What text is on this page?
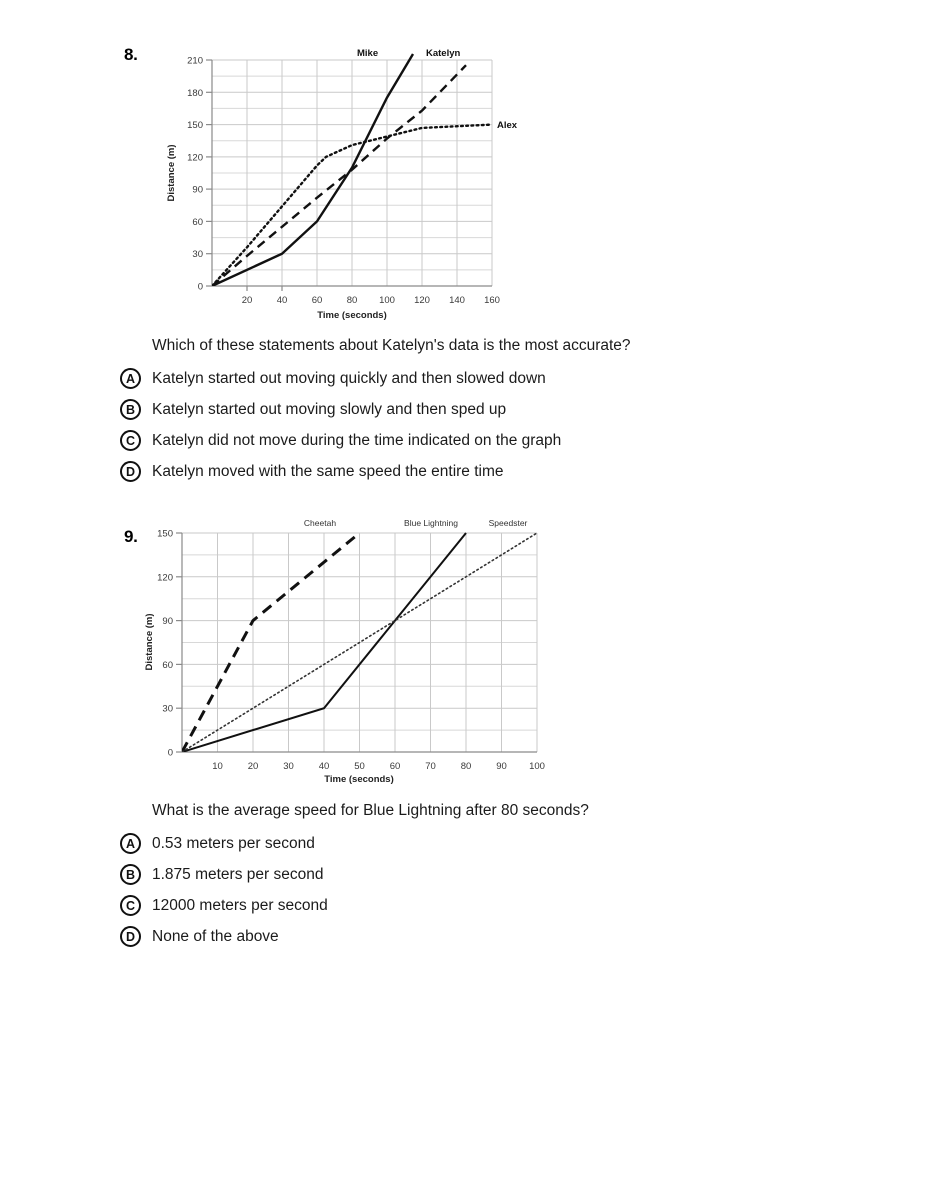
8.	210
180
150
120
90
60
30
0
20	40	60	80 100 120 140 160
Time (seconds)
Distance (m)
Mike	Katelyn
Alex
Which of these statements about Katelyn's data is the most accurate?
A	Katelyn started out moving quickly and then slowed down
B	Katelyn started out moving slowly and then sped up
C	Katelyn did not move during the time indicated on the graph
D	Katelyn moved with the same speed the entire time
9. 150
120
90
60
30
0
10	20	30	40	50	60	70	80	90 100
Time (seconds)
Distance (m)
Cheetah	Blue Lightning	Speedster
What is the average speed for Blue Lightning after 80 seconds?
A	0.53 meters per second
B	1.875 meters per second
C	12000 meters per second
D	None of the above
